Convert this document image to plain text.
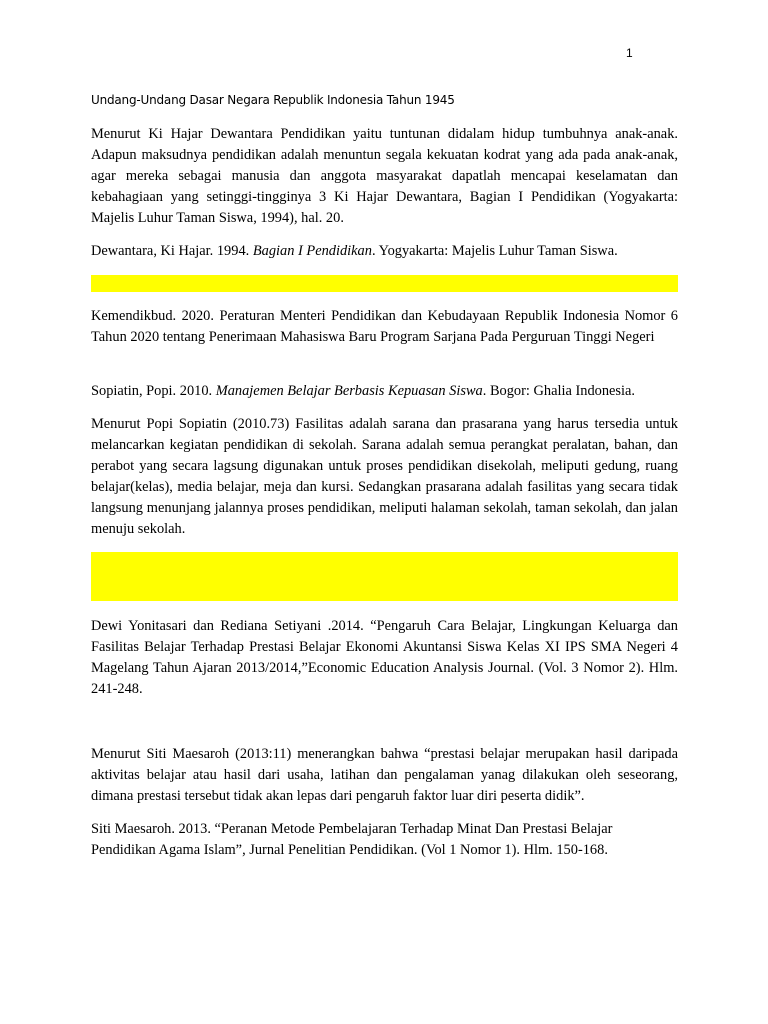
1
Undang-Undang Dasar Negara Republik Indonesia Tahun 1945

Menurut Ki Hajar Dewantara Pendidikan yaitu tuntunan didalam hidup tumbuhnya anak-anak. Adapun maksudnya pendidikan adalah menuntun segala kekuatan kodrat yang ada pada anak-anak, agar mereka sebagai manusia dan anggota masyarakat dapatlah mencapai keselamatan dan kebahagiaan yang setinggi-tingginya 3 Ki Hajar Dewantara, Bagian I Pendidikan (Yogyakarta: Majelis Luhur Taman Siswa, 1994), hal. 20.

Dewantara, Ki Hajar. 1994. Bagian I Pendidikan. Yogyakarta: Majelis Luhur Taman Siswa.

Kemendikbud. 2020. Peraturan Menteri Pendidikan dan Kebudayaan Republik Indonesia Nomor 6 Tahun 2020 tentang Penerimaan Mahasiswa Baru Program Sarjana Pada Perguruan Tinggi Negeri

Sopiatin, Popi. 2010. Manajemen Belajar Berbasis Kepuasan Siswa. Bogor: Ghalia Indonesia.

Menurut Popi Sopiatin (2010.73) Fasilitas adalah sarana dan prasarana yang harus tersedia untuk melancarkan kegiatan pendidikan di sekolah. Sarana adalah semua perangkat peralatan, bahan, dan perabot yang secara lagsung digunakan untuk proses pendidikan disekolah, meliputi gedung, ruang belajar(kelas), media belajar, meja dan kursi. Sedangkan prasarana adalah fasilitas yang secara tidak langsung menunjang jalannya proses pendidikan, meliputi halaman sekolah, taman sekolah, dan jalan menuju sekolah.

Dewi Yonitasari dan Rediana Setiyani .2014. “Pengaruh Cara Belajar, Lingkungan Keluarga dan Fasilitas Belajar Terhadap Prestasi Belajar Ekonomi Akuntansi Siswa Kelas XI IPS SMA Negeri 4 Magelang Tahun Ajaran 2013/2014,”Economic Education Analysis Journal. (Vol. 3 Nomor 2). Hlm. 241-248.

Menurut Siti Maesaroh (2013:11) menerangkan bahwa “prestasi belajar merupakan hasil daripada aktivitas belajar atau hasil dari usaha, latihan dan pengalaman yanag dilakukan oleh seseorang, dimana prestasi tersebut tidak akan lepas dari pengaruh faktor luar diri peserta didik”.

Siti Maesaroh. 2013. “Peranan Metode Pembelajaran Terhadap Minat Dan Prestasi Belajar Pendidikan Agama Islam”, Jurnal Penelitian Pendidikan. (Vol 1 Nomor 1). Hlm. 150-168.
